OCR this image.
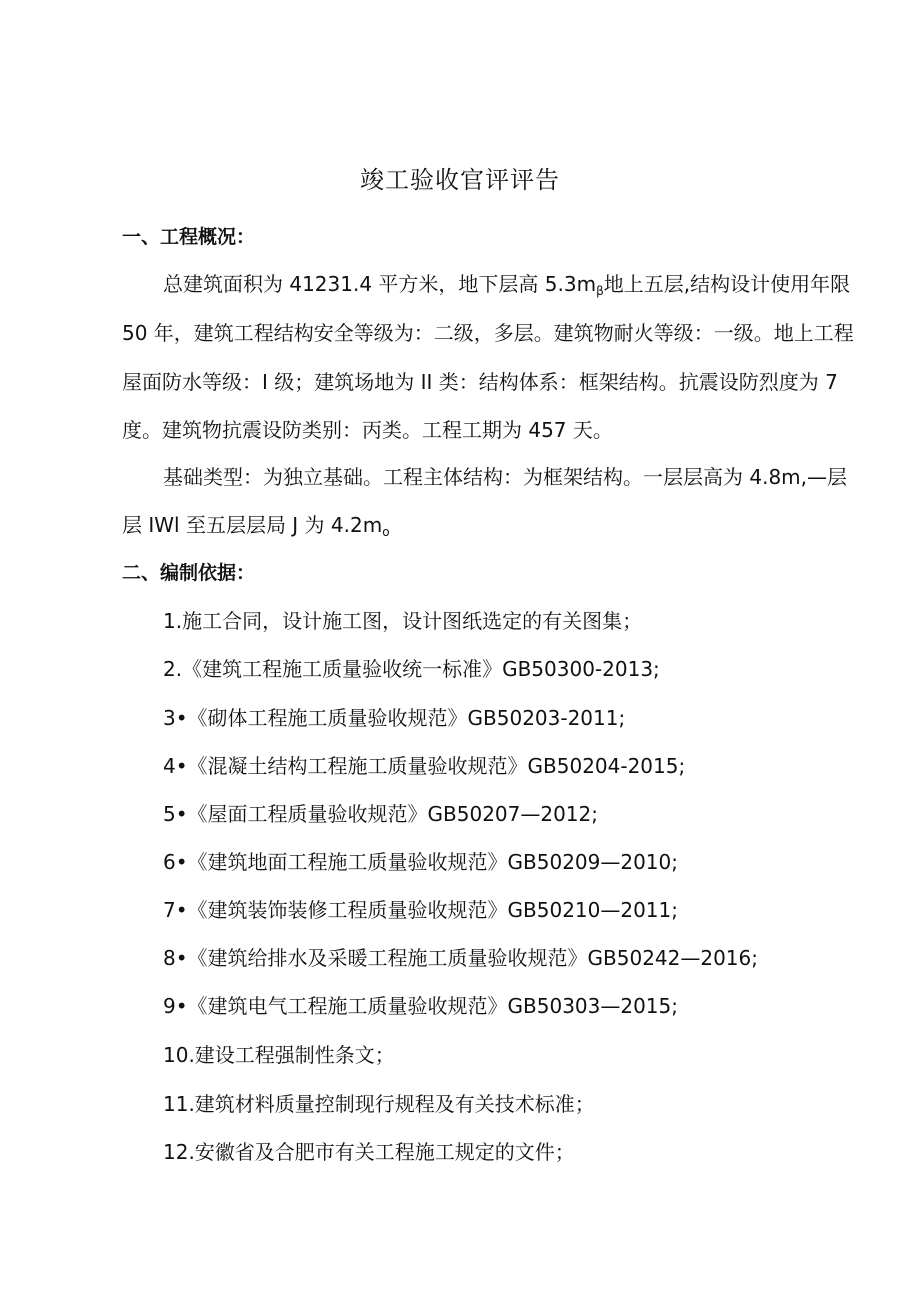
竣工验收官评评告
一、工程概况：
总建筑面积为 41231.4 平方米，地下层高 $5.3m_\beta$地上五层,结构设计使用年限
50 年，建筑工程结构安全等级为：二级，多层。建筑物耐火等级：一级。地上工程
屋面防水等级：I 级；建筑场地为 II 类：结构体系：框架结构。抗震设防烈度为 7
度。建筑物抗震设防类别：丙类。工程工期为 457 天。
基础类型：为独立基础。工程主体结构：为框架结构。一层层高为 4.8m,—层
层 IWl 至五层层局 J 为 $4.2m_o$
二、编制依据：
1.施工合同，设计施工图，设计图纸选定的有关图集；
2.《建筑工程施工质量验收统一标准》GB50300-2013;
3•《砌体工程施工质量验收规范》GB50203-2011;
4•《混凝土结构工程施工质量验收规范》GB50204-2015;
5•《屋面工程质量验收规范》GB50207—2012;
6•《建筑地面工程施工质量验收规范》GB50209—2010;
7•《建筑装饰装修工程质量验收规范》GB50210—2011;
8•《建筑给排水及采暖工程施工质量验收规范》GB50242—2016;
9•《建筑电气工程施工质量验收规范》GB50303—2015;
10.建设工程强制性条文；
11.建筑材料质量控制现行规程及有关技术标准；
12.安徽省及合肥市有关工程施工规定的文件；
